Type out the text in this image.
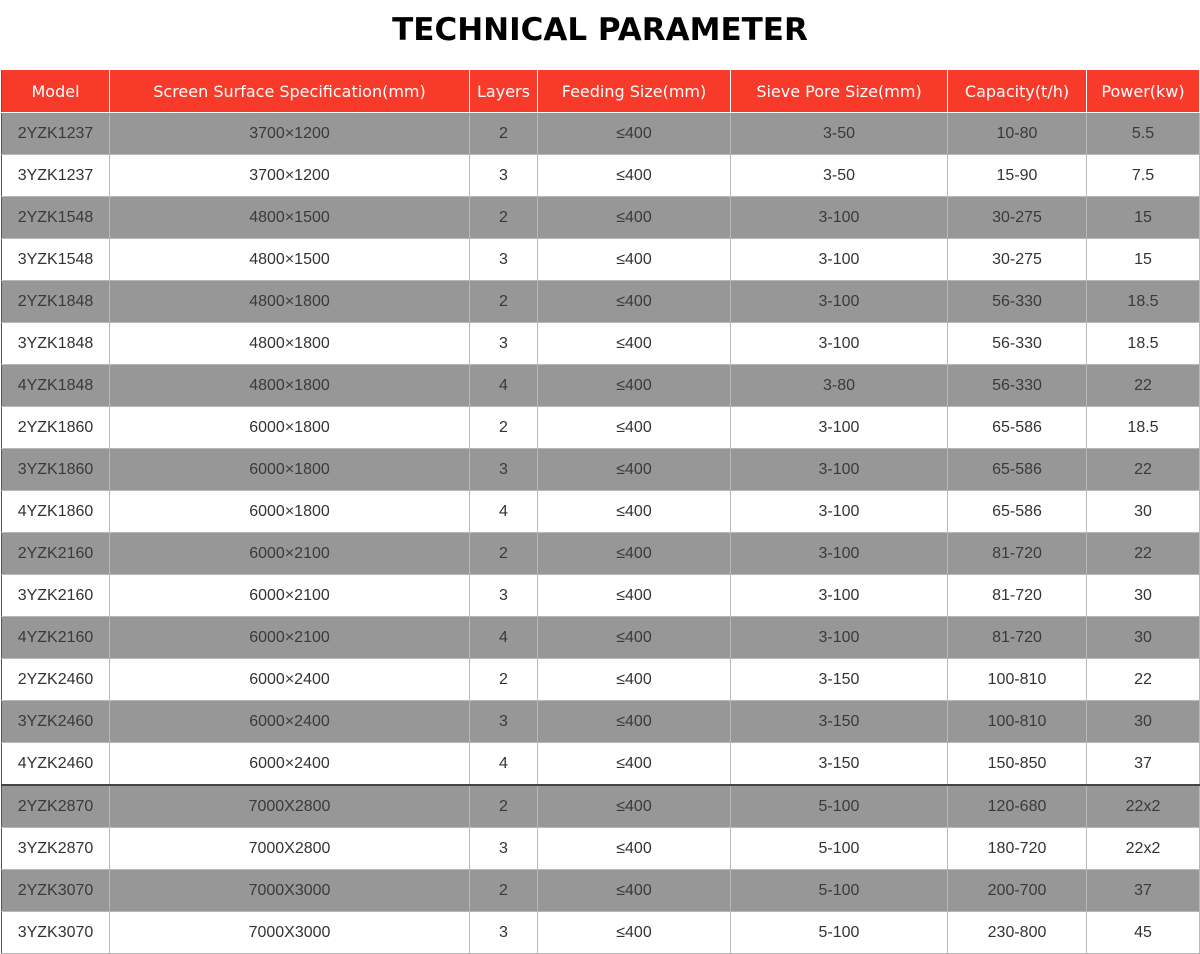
TECHNICAL PARAMETER
Model	Screen Surface Specification(mm)	Layers	Feeding Size(mm)	Sieve Pore Size(mm)	Capacity(t/h)	Power(kw)
2YZK1237	3700×1200	2	≤400	3-50	10-80	5.5
3YZK1237	3700×1200	3	≤400	3-50	15-90	7.5
2YZK1548	4800×1500	2	≤400	3-100	30-275	15
3YZK1548	4800×1500	3	≤400	3-100	30-275	15
2YZK1848	4800×1800	2	≤400	3-100	56-330	18.5
3YZK1848	4800×1800	3	≤400	3-100	56-330	18.5
4YZK1848	4800×1800	4	≤400	3-80	56-330	22
2YZK1860	6000×1800	2	≤400	3-100	65-586	18.5
3YZK1860	6000×1800	3	≤400	3-100	65-586	22
4YZK1860	6000×1800	4	≤400	3-100	65-586	30
2YZK2160	6000×2100	2	≤400	3-100	81-720	22
3YZK2160	6000×2100	3	≤400	3-100	81-720	30
4YZK2160	6000×2100	4	≤400	3-100	81-720	30
2YZK2460	6000×2400	2	≤400	3-150	100-810	22
3YZK2460	6000×2400	3	≤400	3-150	100-810	30
4YZK2460	6000×2400	4	≤400	3-150	150-850	37
2YZK2870	7000X2800	2	≤400	5-100	120-680	22x2
3YZK2870	7000X2800	3	≤400	5-100	180-720	22x2
2YZK3070	7000X3000	2	≤400	5-100	200-700	37
3YZK3070	7000X3000	3	≤400	5-100	230-800	45
